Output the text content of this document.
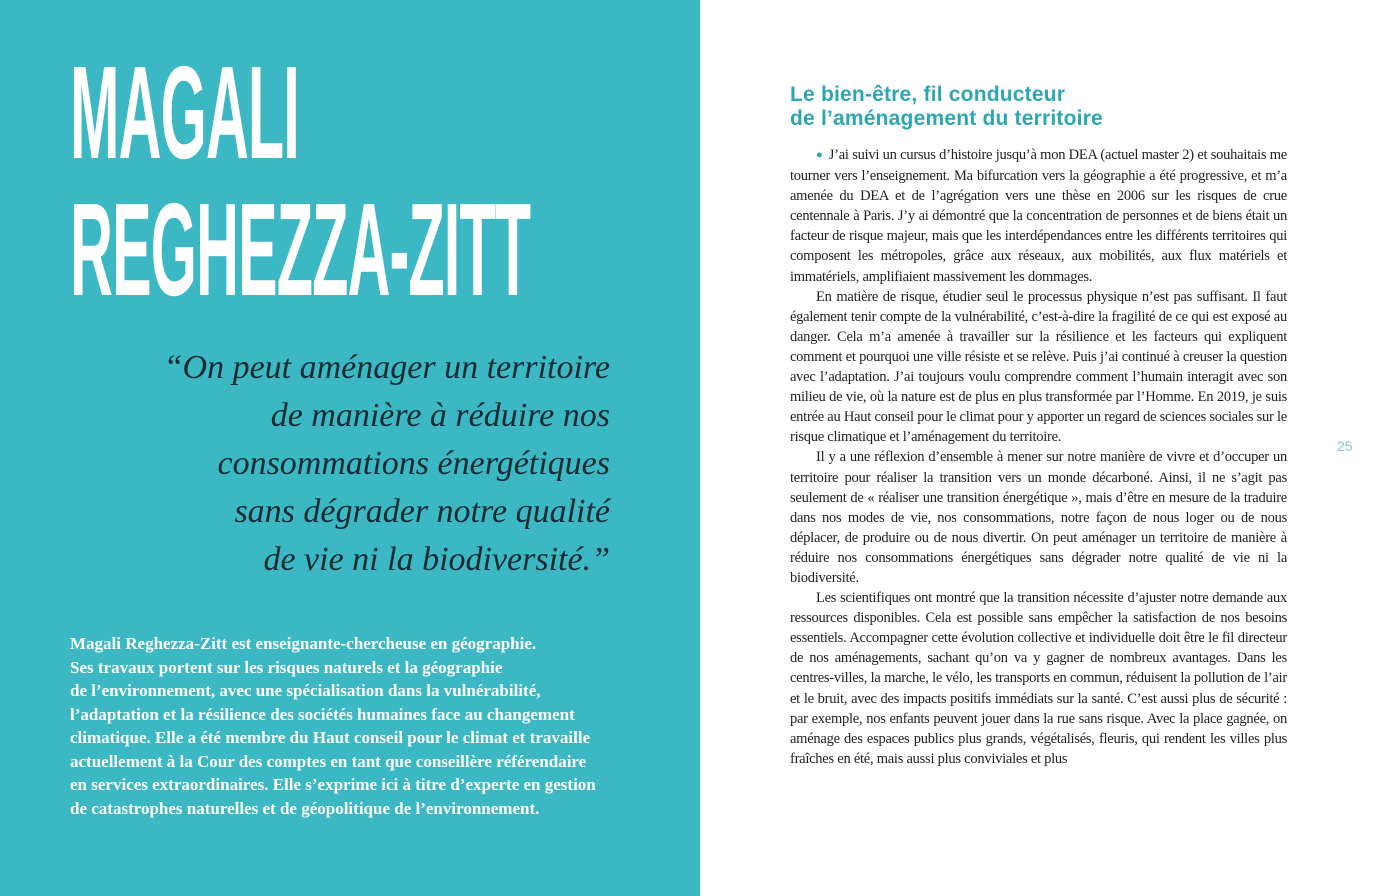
MAGALI
REGHEZZA-ZITT
“On peut aménager un territoire
de manière à réduire nos
consommations énergétiques
sans dégrader notre qualité
de vie ni la biodiversité.”
Magali Reghezza-Zitt est enseignante-chercheuse en géographie.
Ses travaux portent sur les risques naturels et la géographie
de l’environnement, avec une spécialisation dans la vulnérabilité,
l’adaptation et la résilience des sociétés humaines face au changement
climatique. Elle a été membre du Haut conseil pour le climat et travaille
actuellement à la Cour des comptes en tant que conseillère référendaire
en services extraordinaires. Elle s’exprime ici à titre d’experte en gestion
de catastrophes naturelles et de géopolitique de l’environnement.
Le bien-être, fil conducteur
de l’aménagement du territoire

● J’ai suivi un cursus d’histoire jusqu’à mon DEA (actuel master 2) et souhaitais me tourner vers l’enseignement. Ma bifurcation vers la géographie a été progressive, et m’a amenée du DEA et de l’agrégation vers une thèse en 2006 sur les risques de crue centennale à Paris. J’y ai démontré que la concentration de personnes et de biens était un facteur de risque majeur, mais que les interdépendances entre les différents territoires qui composent les métropoles, grâce aux réseaux, aux mobilités, aux flux matériels et immatériels, amplifiaient massivement les dommages.

En matière de risque, étudier seul le processus physique n’est pas suffisant. Il faut également tenir compte de la vulnérabilité, c’est-à-dire la fragilité de ce qui est exposé au danger. Cela m’a amenée à travailler sur la résilience et les facteurs qui expliquent comment et pourquoi une ville résiste et se relève. Puis j’ai continué à creuser la question avec l’adaptation. J’ai toujours voulu comprendre comment l’humain interagit avec son milieu de vie, où la nature est de plus en plus transformée par l’Homme. En 2019, je suis entrée au Haut conseil pour le climat pour y apporter un regard de sciences sociales sur le risque climatique et l’aménagement du territoire.

Il y a une réflexion d’ensemble à mener sur notre manière de vivre et d’occuper un territoire pour réaliser la transition vers un monde décarboné. Ainsi, il ne s’agit pas seulement de « réaliser une transition énergétique », mais d’être en mesure de la traduire dans nos modes de vie, nos consommations, notre façon de nous loger ou de nous déplacer, de produire ou de nous divertir. On peut aménager un territoire de manière à réduire nos consommations énergétiques sans dégrader notre qualité de vie ni la biodiversité.

Les scientifiques ont montré que la transition nécessite d’ajuster notre demande aux ressources disponibles. Cela est possible sans empêcher la satisfaction de nos besoins essentiels. Accompagner cette évolution collective et individuelle doit être le fil directeur de nos aménagements, sachant qu’on va y gagner de nombreux avantages. Dans les centres-villes, la marche, le vélo, les transports en commun, réduisent la pollution de l’air et le bruit, avec des impacts positifs immédiats sur la santé. C’est aussi plus de sécurité : par exemple, nos enfants peuvent jouer dans la rue sans risque. Avec la place gagnée, on aménage des espaces publics plus grands, végétalisés, fleuris, qui rendent les villes plus fraîches en été, mais aussi plus conviviales et plus

25
